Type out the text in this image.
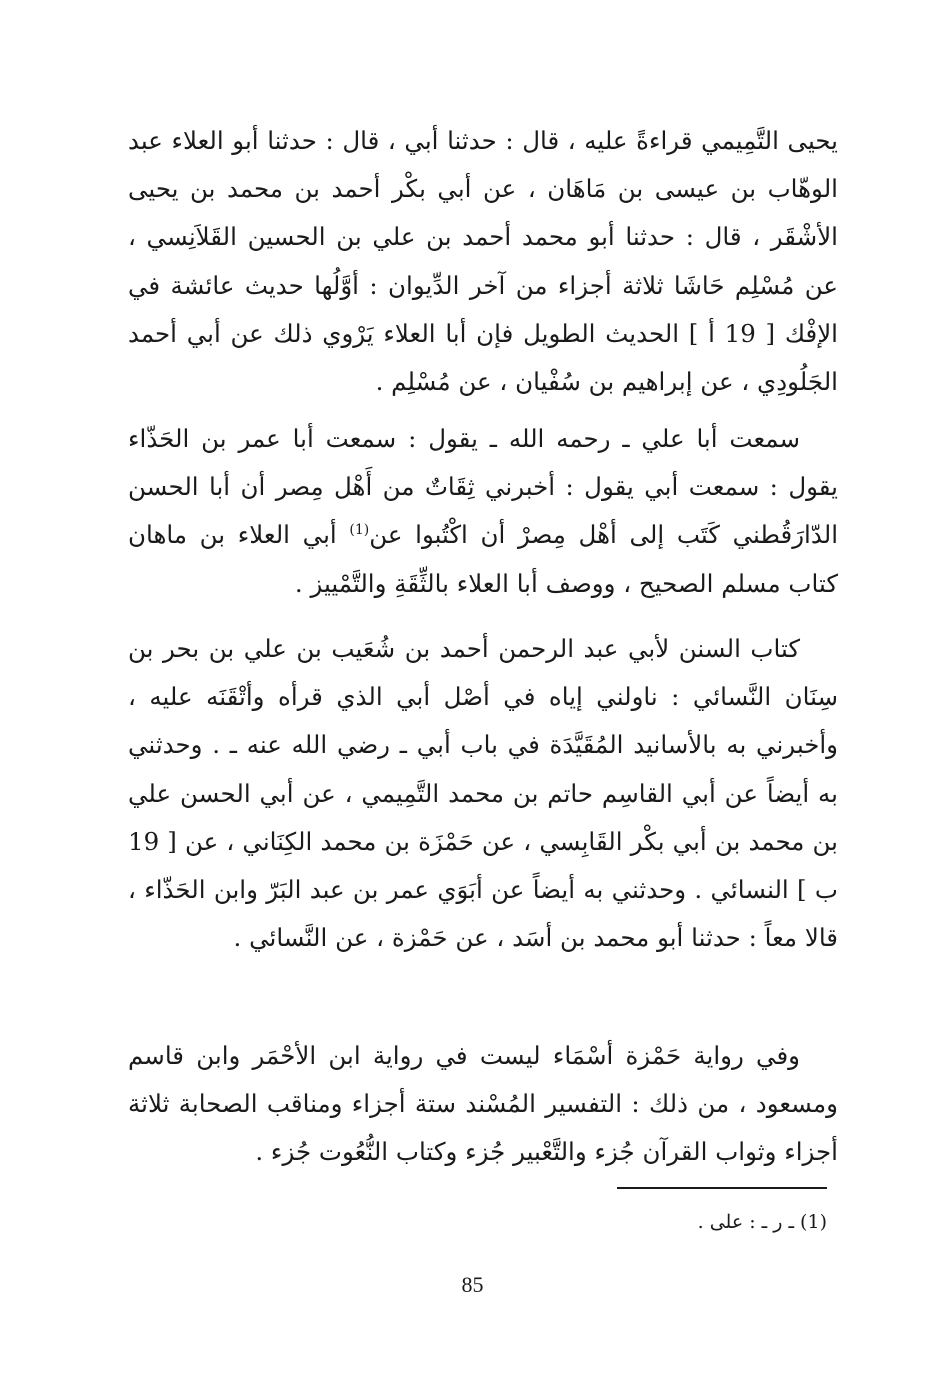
يحيى التَّمِيمي قراءةً عليه ، قال : حدثنا أبي ، قال : حدثنا أبو العلاء عبد الوهّاب بن عيسى بن مَاهَان ، عن أبي بكْر أحمد بن محمد بن يحيى الأشْقَر ، قال : حدثنا أبو محمد أحمد بن علي بن الحسين القَلاَنِسي ، عن مُسْلِم حَاشَا ثلاثة أجزاء من آخر الدِّيوان : أوَّلُها حديث عائشة في الإفْك [ 19 أ ] الحديث الطويل فإن أبا العلاء يَرْوي ذلك عن أبي أحمد الجَلُودِي ، عن إبراهيم بن سُفْيان ، عن مُسْلِم .

سمعت أبا علي ـ رحمه الله ـ يقول : سمعت أبا عمر بن الحَذّاء يقول : سمعت أبي يقول : أخبرني ثِقَاتٌ من أَهْل مِصر أن أبا الحسن الدّارَقُطني كَتَب إلى أهْل مِصرْ أن اكْتُبوا عن$^{(1)}$ أبي العلاء بن ماهان كتاب مسلم الصحيح ، ووصف أبا العلاء بالثِّقَةِ والتَّمْييز .

كتاب السنن لأبي عبد الرحمن أحمد بن شُعَيب بن علي بن بحر بن سِنَان النَّسائي : ناولني إياه في أصْل أبي الذي قرأه وأتْقَنَه عليه ، وأخبرني به بالأسانيد المُقَيَّدَة في باب أبي ـ رضي الله عنه ـ . وحدثني به أيضاً عن أبي القاسِم حاتم بن محمد التَّمِيمي ، عن أبي الحسن علي بن محمد بن أبي بكْر القَابِسي ، عن حَمْزَة بن محمد الكِنَاني ، عن [ 19 ب ] النسائي . وحدثني به أيضاً عن أبَوَي عمر بن عبد البَرّ وابن الحَذّاء ، قالا معاً : حدثنا أبو محمد بن أسَد ، عن حَمْزة ، عن النَّسائي .

وفي رواية حَمْزة أسْمَاء ليست في رواية ابن الأحْمَر وابن قاسم ومسعود ، من ذلك : التفسير المُسْند ستة أجزاء ومناقب الصحابة ثلاثة أجزاء وثواب القرآن جُزء والتَّعْبير جُزء وكتاب النُّعُوت جُزء .

(1) ـ ر ـ : على .
85
